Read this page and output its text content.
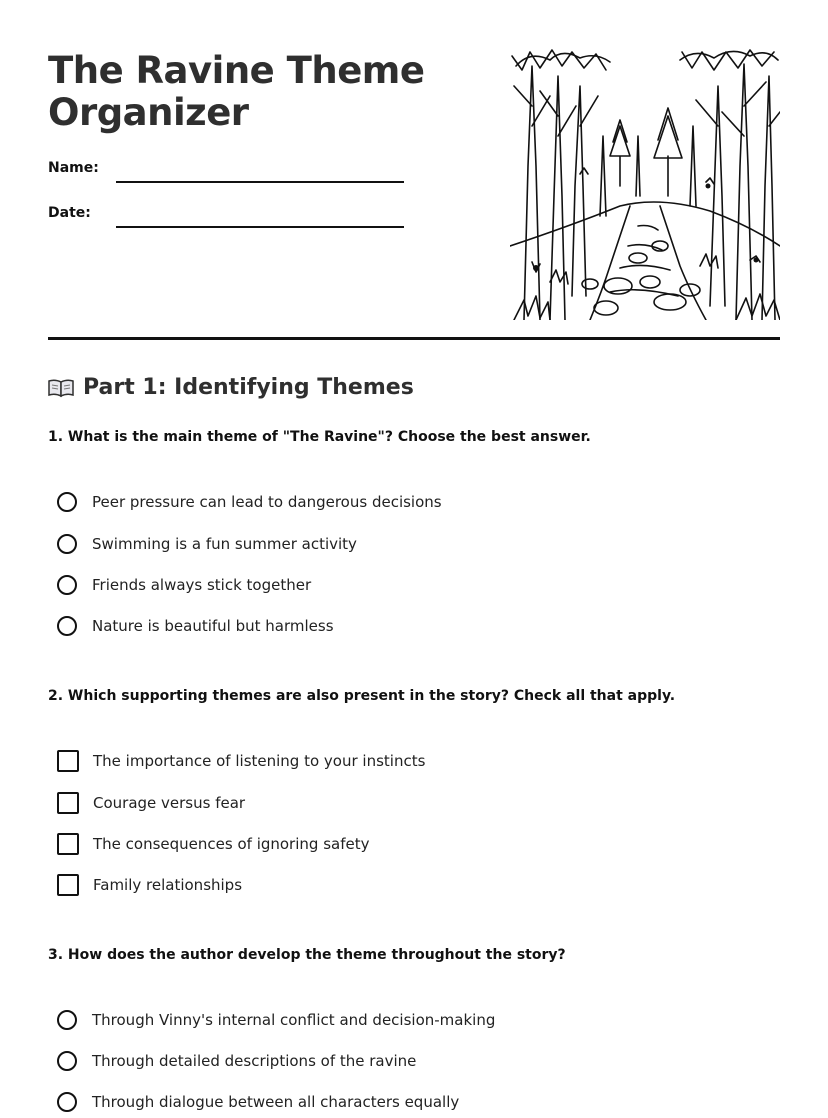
The Ravine Theme Organizer
Name:
Date:
Part 1: Identifying Themes
1. What is the main theme of "The Ravine"? Choose the best answer.
Peer pressure can lead to dangerous decisions
Swimming is a fun summer activity
Friends always stick together
Nature is beautiful but harmless
2. Which supporting themes are also present in the story? Check all that apply.
The importance of listening to your instincts
Courage versus fear
The consequences of ignoring safety
Family relationships
3. How does the author develop the theme throughout the story?
Through Vinny's internal conflict and decision-making
Through detailed descriptions of the ravine
Through dialogue between all characters equally
